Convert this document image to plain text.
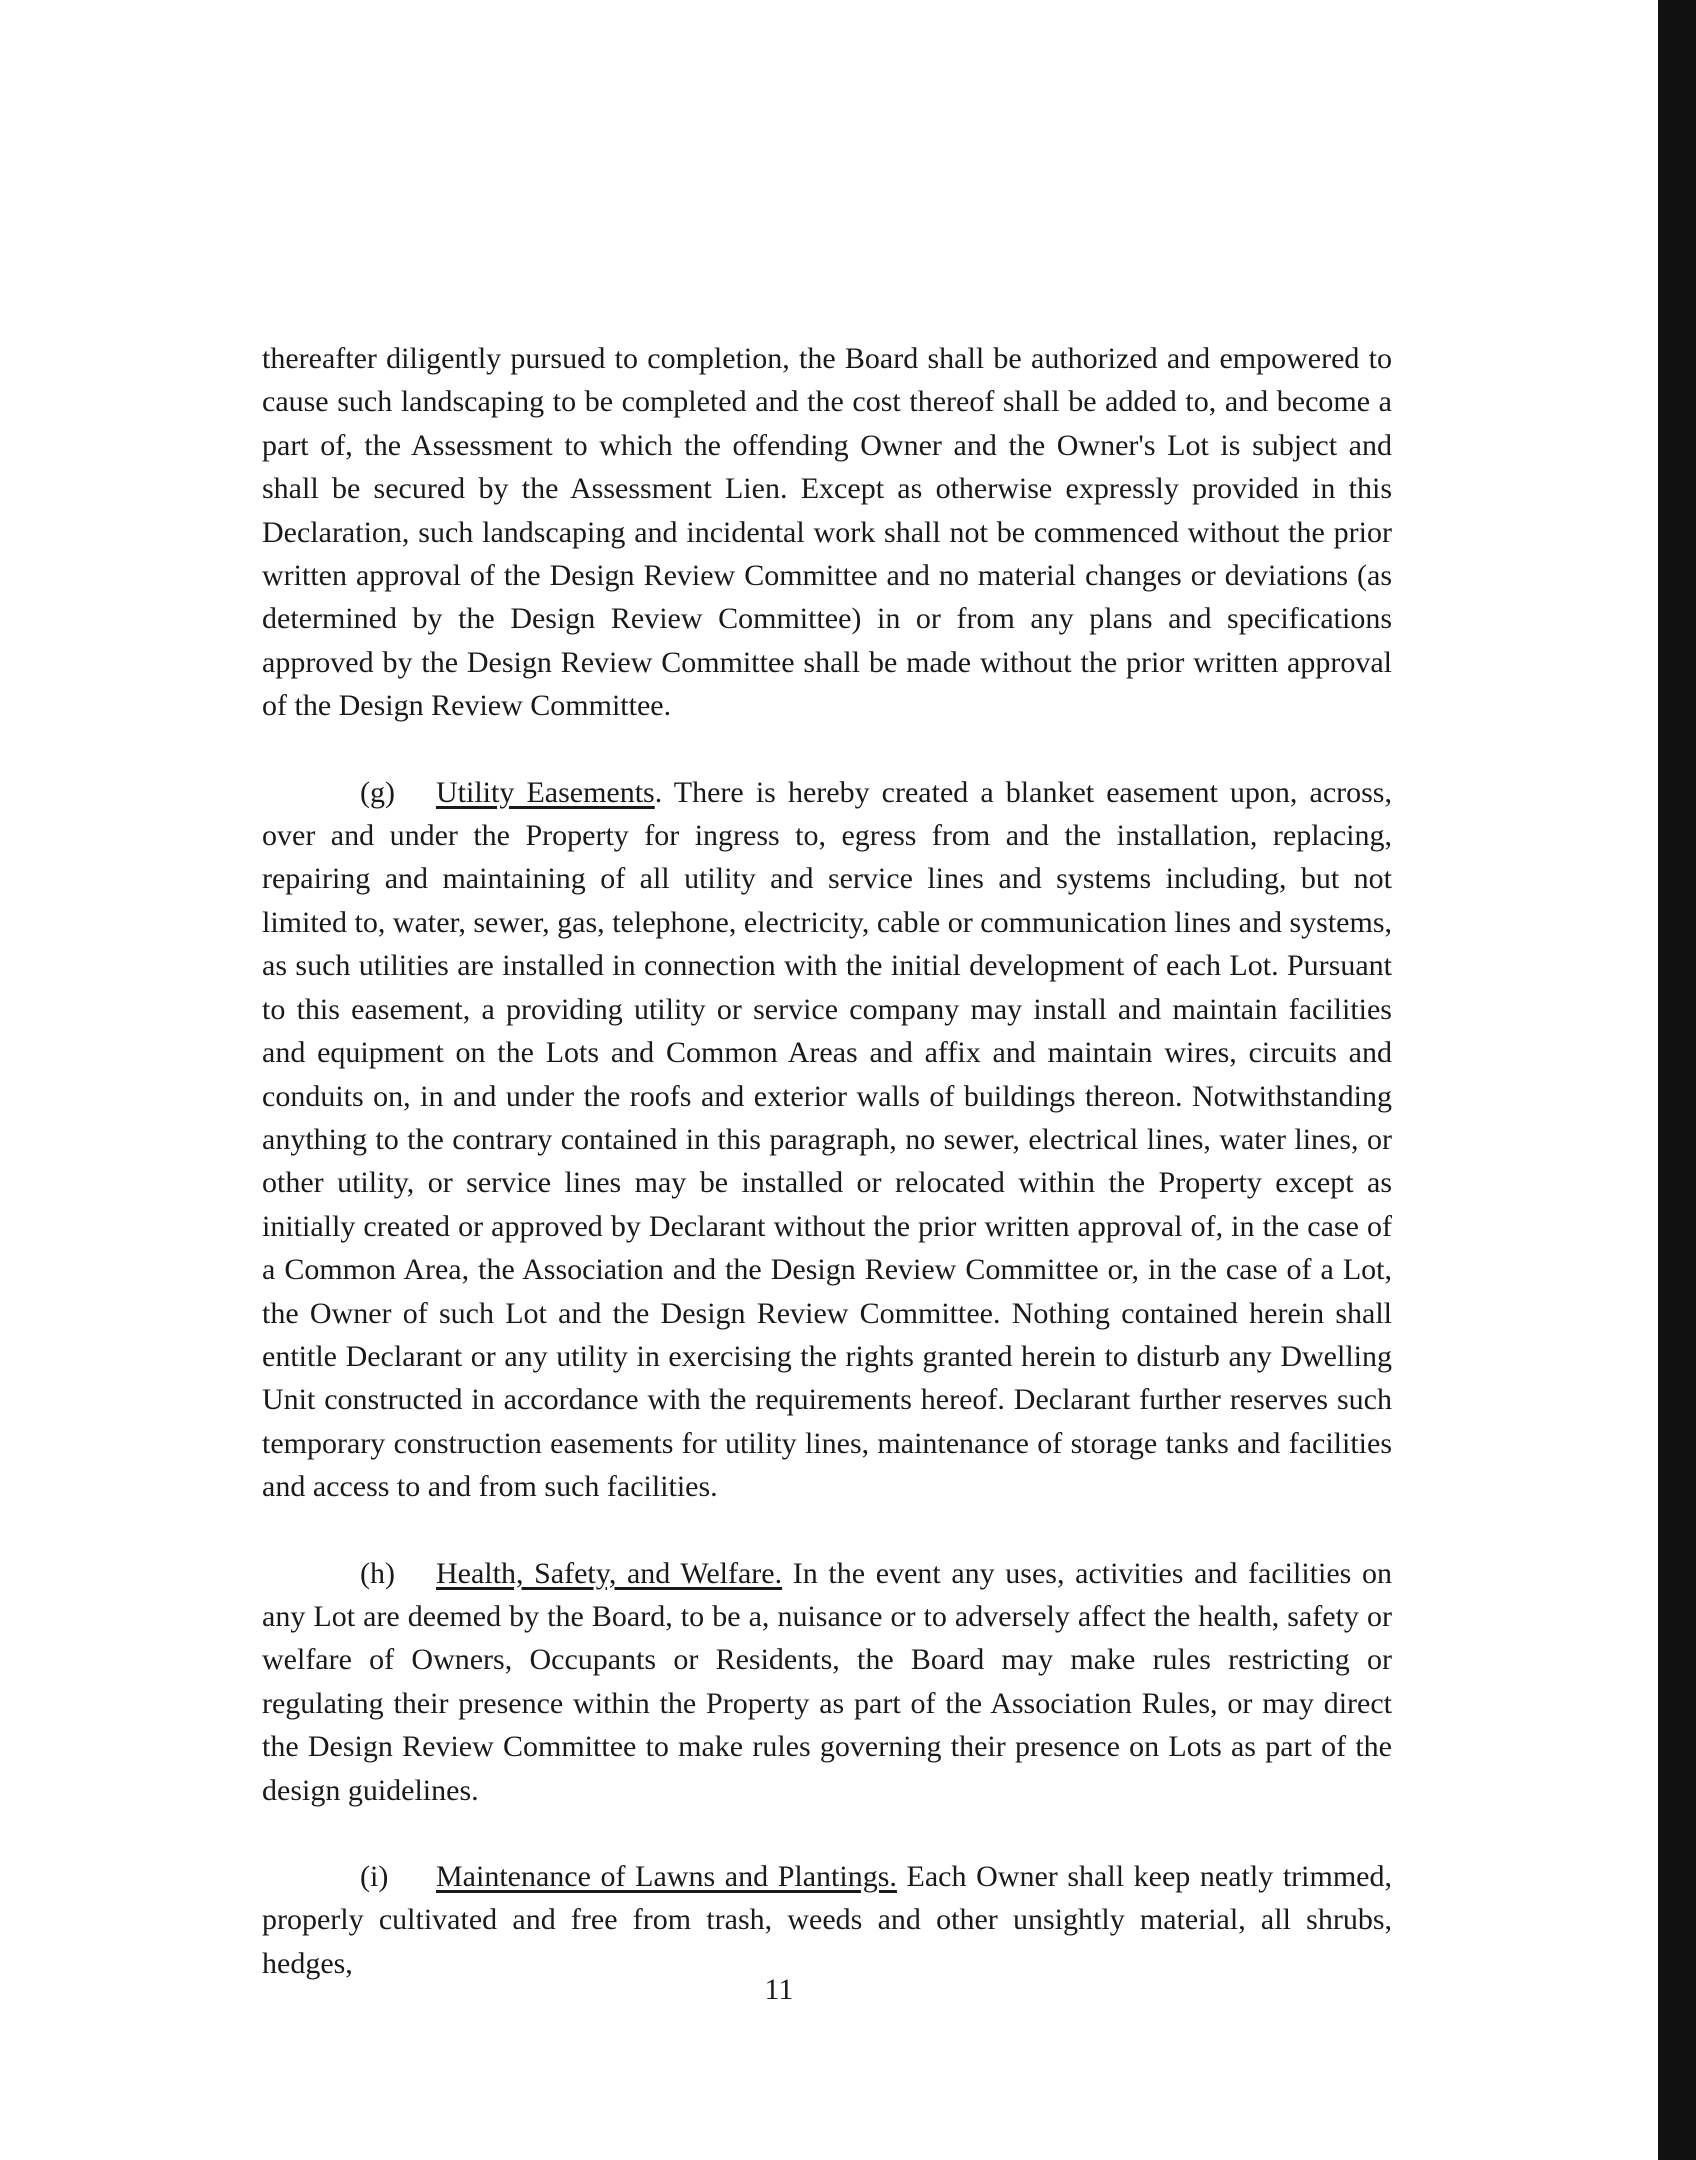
thereafter diligently pursued to completion, the Board shall be authorized and empowered to cause such landscaping to be completed and the cost thereof shall be added to, and become a part of, the Assessment to which the offending Owner and the Owner's Lot is subject and shall be secured by the Assessment Lien. Except as otherwise expressly provided in this Declaration, such landscaping and incidental work shall not be commenced without the prior written approval of the Design Review Committee and no material changes or deviations (as determined by the Design Review Committee) in or from any plans and specifications approved by the Design Review Committee shall be made without the prior written approval of the Design Review Committee.

(g) Utility Easements. There is hereby created a blanket easement upon, across, over and under the Property for ingress to, egress from and the installation, replacing, repairing and maintaining of all utility and service lines and systems including, but not limited to, water, sewer, gas, telephone, electricity, cable or communication lines and systems, as such utilities are installed in connection with the initial development of each Lot. Pursuant to this easement, a providing utility or service company may install and maintain facilities and equipment on the Lots and Common Areas and affix and maintain wires, circuits and conduits on, in and under the roofs and exterior walls of buildings thereon. Notwithstanding anything to the contrary contained in this paragraph, no sewer, electrical lines, water lines, or other utility, or service lines may be installed or relocated within the Property except as initially created or approved by Declarant without the prior written approval of, in the case of a Common Area, the Association and the Design Review Committee or, in the case of a Lot, the Owner of such Lot and the Design Review Committee. Nothing contained herein shall entitle Declarant or any utility in exercising the rights granted herein to disturb any Dwelling Unit constructed in accordance with the requirements hereof. Declarant further reserves such temporary construction easements for utility lines, maintenance of storage tanks and facilities and access to and from such facilities.

(h) Health, Safety, and Welfare. In the event any uses, activities and facilities on any Lot are deemed by the Board, to be a, nuisance or to adversely affect the health, safety or welfare of Owners, Occupants or Residents, the Board may make rules restricting or regulating their presence within the Property as part of the Association Rules, or may direct the Design Review Committee to make rules governing their presence on Lots as part of the design guidelines.

(i) Maintenance of Lawns and Plantings. Each Owner shall keep neatly trimmed, properly cultivated and free from trash, weeds and other unsightly material, all shrubs, hedges,

11
